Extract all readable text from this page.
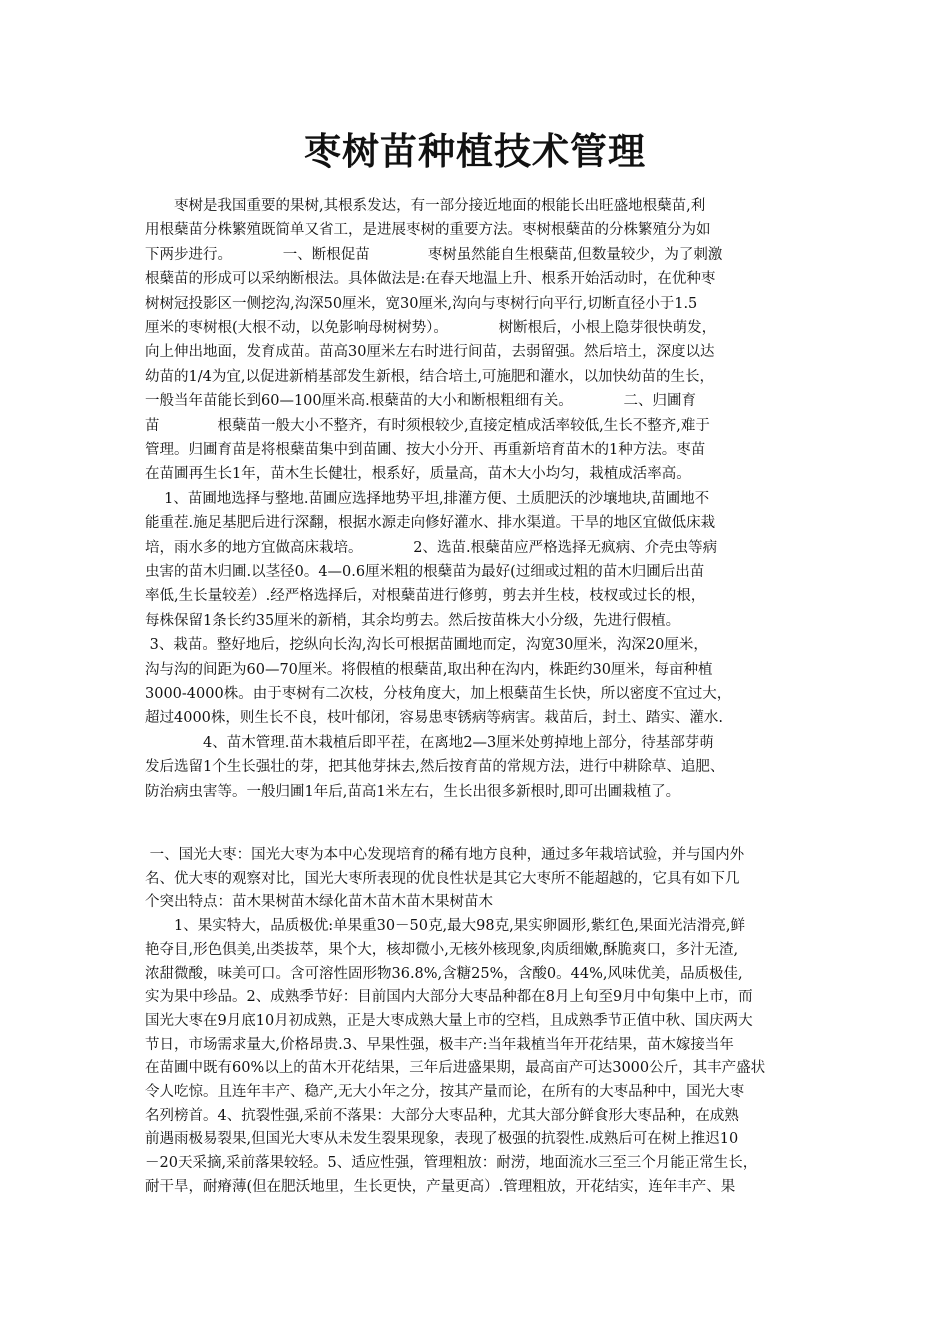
枣树苗种植技术管理

　　枣树是我国重要的果树,其根系发达，有一部分接近地面的根能长出旺盛地根蘖苗,利

用根蘖苗分株繁殖既简单又省工，是进展枣树的重要方法。枣树根蘖苗的分株繁殖分为如

下两步进行。　　　　一、断根促苗　　　　枣树虽然能自生根蘖苗,但数量较少，为了刺激

根蘖苗的形成可以采纳断根法。具体做法是:在春天地温上升、根系开始活动时，在优种枣

树树冠投影区一侧挖沟,沟深50厘米，宽30厘米,沟向与枣树行向平行,切断直径小于1.5

厘米的枣树根(大根不动，以免影响母树树势）。　　　　树断根后，小根上隐芽很快萌发，

向上伸出地面，发育成苗。苗高30厘米左右时进行间苗，去弱留强。然后培土，深度以达

幼苗的1/4为宜,以促进新梢基部发生新根，结合培土,可施肥和灌水，以加快幼苗的生长，

一般当年苗能长到60—100厘米高.根蘖苗的大小和断根粗细有关。　　　　二、归圃育

苗　　　　根蘖苗一般大小不整齐，有时须根较少,直接定植成活率较低,生长不整齐,难于

管理。归圃育苗是将根蘖苗集中到苗圃、按大小分开、再重新培育苗木的1种方法。枣苗

在苗圃再生长1年，苗木生长健壮，根系好，质量高，苗木大小均匀，栽植成活率高。

　 1、苗圃地选择与整地.苗圃应选择地势平坦,排灌方便、土质肥沃的沙壤地块,苗圃地不

能重茬.施足基肥后进行深翻，根据水源走向修好灌水、排水渠道。干旱的地区宜做低床栽

培，雨水多的地方宜做高床栽培。　　　　2、选苗.根蘖苗应严格选择无疯病、介壳虫等病

虫害的苗木归圃.以茎径0。4—0.6厘米粗的根蘖苗为最好(过细或过粗的苗木归圃后出苗

率低,生长量较差）.经严格选择后，对根蘖苗进行修剪，剪去并生枝，枝杈或过长的根，

每株保留1条长约35厘米的新梢，其余均剪去。然后按苗株大小分级，先进行假植。

3、栽苗。整好地后，挖纵向长沟,沟长可根据苗圃地而定，沟宽30厘米，沟深20厘米，

沟与沟的间距为60—70厘米。将假植的根蘖苗,取出种在沟内，株距约30厘米，每亩种植

3000-4000株。由于枣树有二次枝，分枝角度大，加上根蘖苗生长快，所以密度不宜过大，

超过4000株，则生长不良，枝叶郁闭，容易患枣锈病等病害。栽苗后，封土、踏实、灌水.

　　　　4、苗木管理.苗木栽植后即平茬，在离地2—3厘米处剪掉地上部分，待基部芽萌

发后选留1个生长强壮的芽，把其他芽抹去,然后按育苗的常规方法，进行中耕除草、追肥、

防治病虫害等。一般归圃1年后,苗高1米左右，生长出很多新根时,即可出圃栽植了。

一、国光大枣：国光大枣为本中心发现培育的稀有地方良种，通过多年栽培试验，并与国内外

名、优大枣的观察对比，国光大枣所表现的优良性状是其它大枣所不能超越的，它具有如下几

个突出特点：苗木果树苗木绿化苗木苗木苗木果树苗木

　　1、果实特大，品质极优:单果重30－50克,最大98克,果实卵圆形,紫红色,果面光洁滑亮,鲜

艳夺目,形色俱美,出类拔萃，果个大，核却微小,无核外核现象,肉质细嫩,酥脆爽口，多汁无渣,

浓甜微酸，味美可口。含可溶性固形物36.8%,含糖25%，含酸0。44%,风味优美，品质极佳,

实为果中珍品。2、成熟季节好：目前国内大部分大枣品种都在8月上旬至9月中旬集中上市，而

国光大枣在9月底10月初成熟，正是大枣成熟大量上市的空档，且成熟季节正值中秋、国庆两大

节日，市场需求量大,价格昂贵.3、早果性强，极丰产:当年栽植当年开花结果，苗木嫁接当年

在苗圃中既有60%以上的苗木开花结果，三年后进盛果期，最高亩产可达3000公斤，其丰产盛状

令人吃惊。且连年丰产、稳产,无大小年之分，按其产量而论，在所有的大枣品种中，国光大枣

名列榜首。4、抗裂性强,采前不落果：大部分大枣品种，尤其大部分鲜食形大枣品种，在成熟

前遇雨极易裂果,但国光大枣从未发生裂果现象，表现了极强的抗裂性.成熟后可在树上推迟10

－20天采摘,采前落果较轻。5、适应性强，管理粗放：耐涝，地面流水三至三个月能正常生长，

耐干旱，耐瘠薄(但在肥沃地里，生长更快，产量更高）.管理粗放，开花结实，连年丰产、果
